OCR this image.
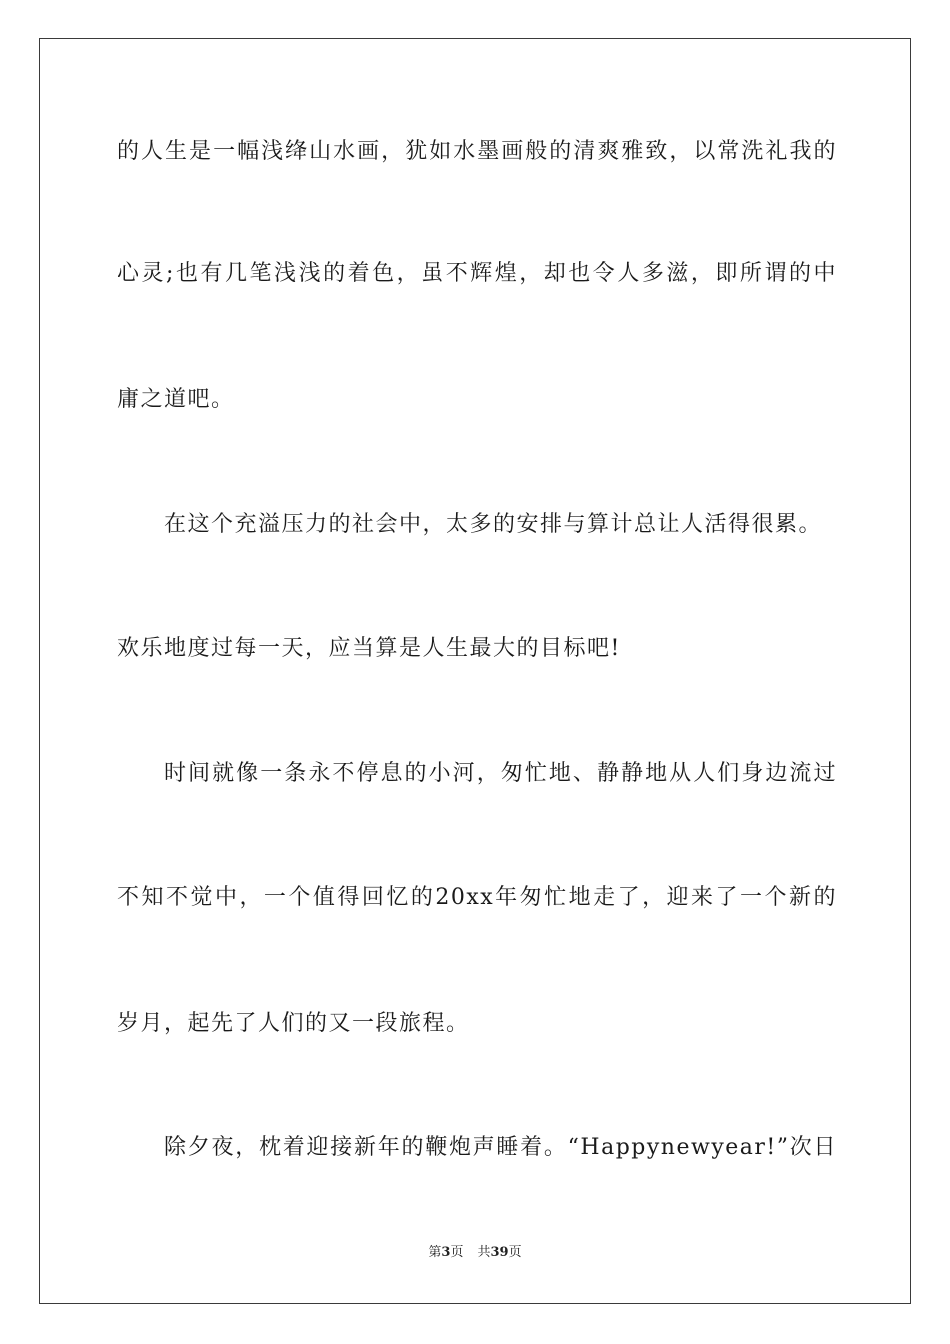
的人生是一幅浅绛山水画，犹如水墨画般的清爽雅致，以常洗礼我的
心灵;也有几笔浅浅的着色，虽不辉煌，却也令人多滋，即所谓的中
庸之道吧。
在这个充溢压力的社会中，太多的安排与算计总让人活得很累。
欢乐地度过每一天，应当算是人生最大的目标吧!
时间就像一条永不停息的小河，匆忙地、静静地从人们身边流过
不知不觉中，一个值得回忆的20xx年匆忙地走了，迎来了一个新的
岁月，起先了人们的又一段旅程。
除夕夜，枕着迎接新年的鞭炮声睡着。“Happynewyear!”次日
第3页 共39页
